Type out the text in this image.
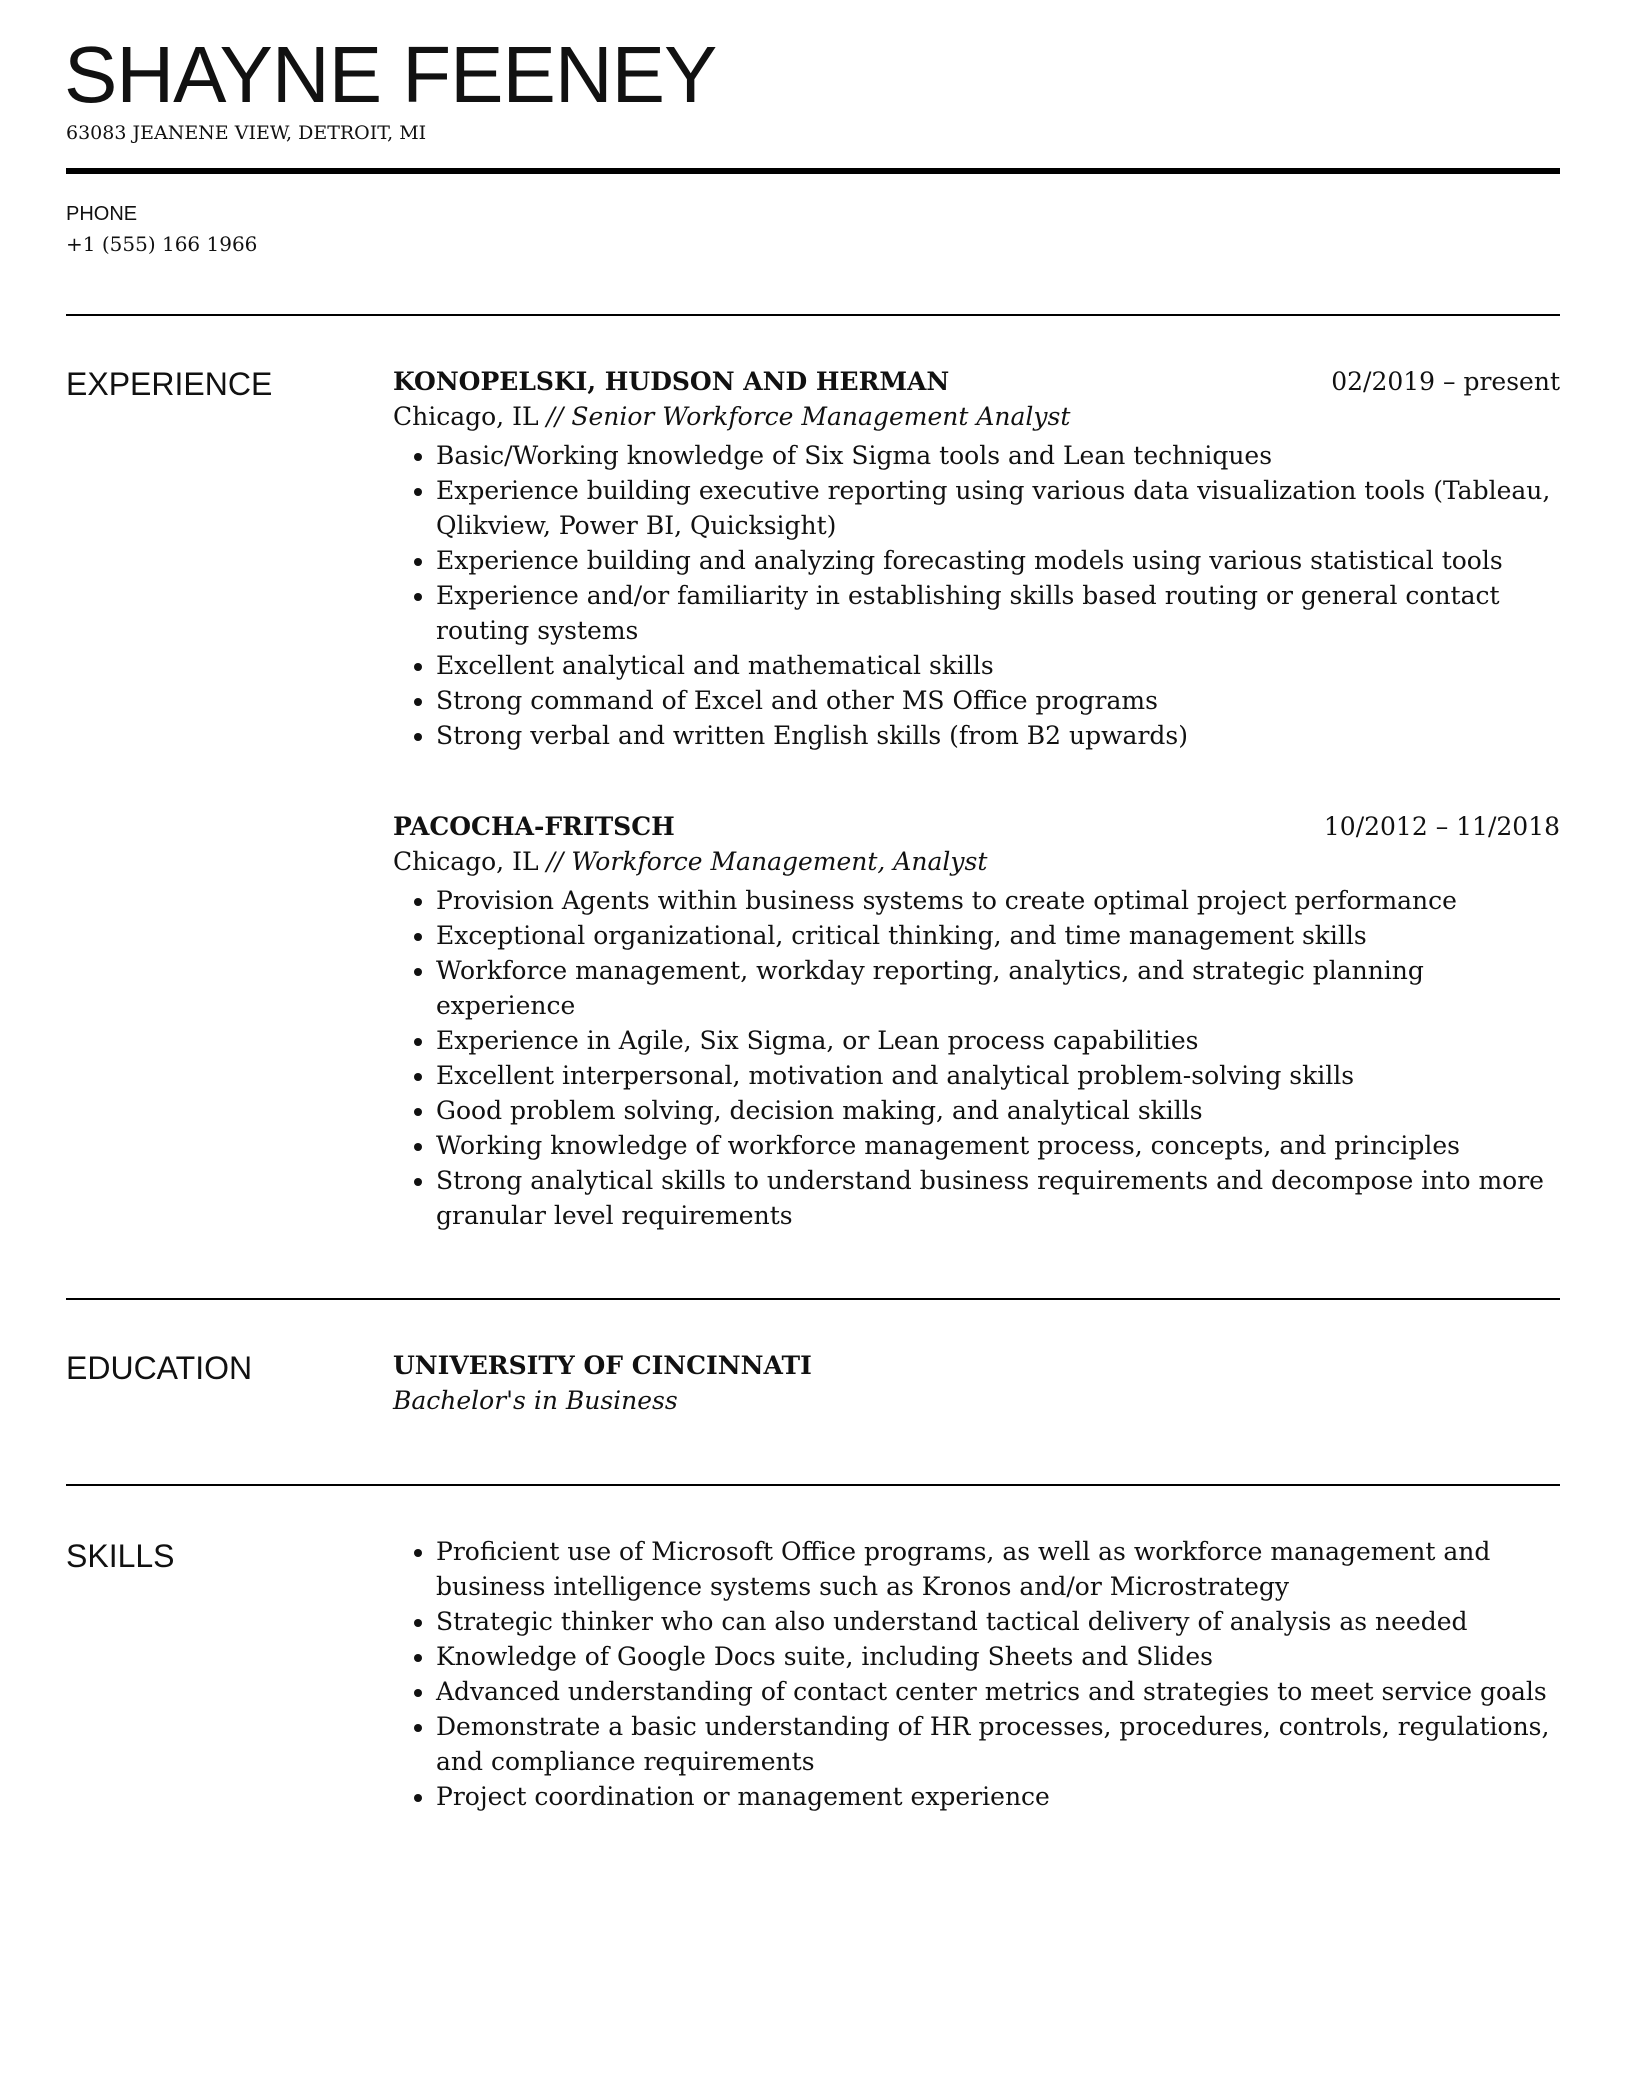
SHAYNE FEENEY
63083 JEANENE VIEW, DETROIT, MI
PHONE
+1 (555) 166 1966
EXPERIENCE	KONOPELSKI, HUDSON AND HERMAN	02/2019 – present
Chicago, IL // Senior Workforce Management Analyst
• Basic/Working knowledge of Six Sigma tools and Lean techniques
• Experience building executive reporting using various data visualization tools (Tableau, Qlikview, Power BI, Quicksight)
• Experience building and analyzing forecasting models using various statistical tools
• Experience and/or familiarity in establishing skills based routing or general contact routing systems
• Excellent analytical and mathematical skills
• Strong command of Excel and other MS Office programs
• Strong verbal and written English skills (from B2 upwards)
PACOCHA-FRITSCH	10/2012 – 11/2018
Chicago, IL // Workforce Management, Analyst
• Provision Agents within business systems to create optimal project performance
• Exceptional organizational, critical thinking, and time management skills
• Workforce management, workday reporting, analytics, and strategic planning experience
• Experience in Agile, Six Sigma, or Lean process capabilities
• Excellent interpersonal, motivation and analytical problem-solving skills
• Good problem solving, decision making, and analytical skills
• Working knowledge of workforce management process, concepts, and principles
• Strong analytical skills to understand business requirements and decompose into more granular level requirements
EDUCATION	UNIVERSITY OF CINCINNATI
Bachelor's in Business
SKILLS	• Proficient use of Microsoft Office programs, as well as workforce management and business intelligence systems such as Kronos and/or Microstrategy
• Strategic thinker who can also understand tactical delivery of analysis as needed
• Knowledge of Google Docs suite, including Sheets and Slides
• Advanced understanding of contact center metrics and strategies to meet service goals
• Demonstrate a basic understanding of HR processes, procedures, controls, regulations, and compliance requirements
• Project coordination or management experience
